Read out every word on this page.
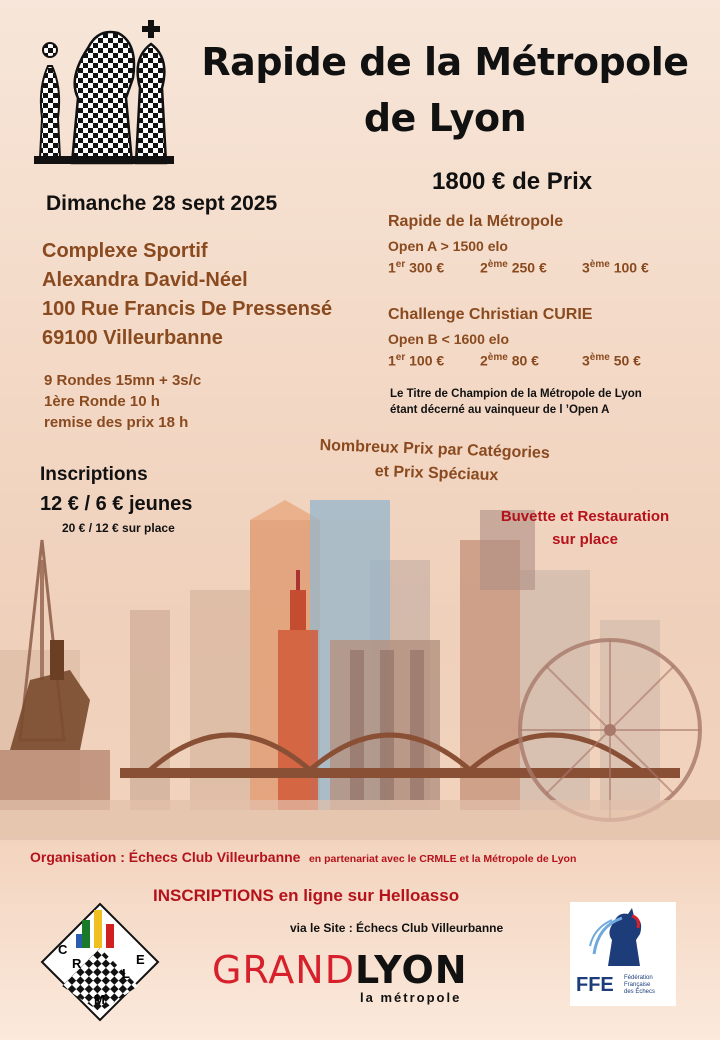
Rapide de la Métropole
de Lyon
1800 € de Prix
Dimanche 28 sept 2025
Complexe Sportif
Alexandra David-Néel
100 Rue Francis De Pressensé
69100 Villeurbanne
9 Rondes 15mn + 3s/c
1ère Ronde 10 h
remise des prix 18 h
Inscriptions
12 € / 6 € jeunes
20 € / 12 € sur place
Rapide de la Métropole
Open A > 1500 elo
1er 300 €	2ème 250 €	3ème 100 €
Challenge Christian CURIE
Open B < 1600 elo
1er 100 €	2ème 80 €	3ème 50 €
Le Titre de Champion de la Métropole de Lyon
étant décerné au vainqueur de l ’Open A
Nombreux Prix par Catégories
et Prix Spéciaux
Buvette et Restauration
sur place
Organisation : Échecs Club Villeurbanne en partenariat avec le CRMLE et la Métropole de Lyon
INSCRIPTIONS en ligne sur Helloasso
via le Site : Échecs Club Villeurbanne
C
R
M
L
E GRANDLYON
la métropole
FFE Fédération
Française
des Échecs
